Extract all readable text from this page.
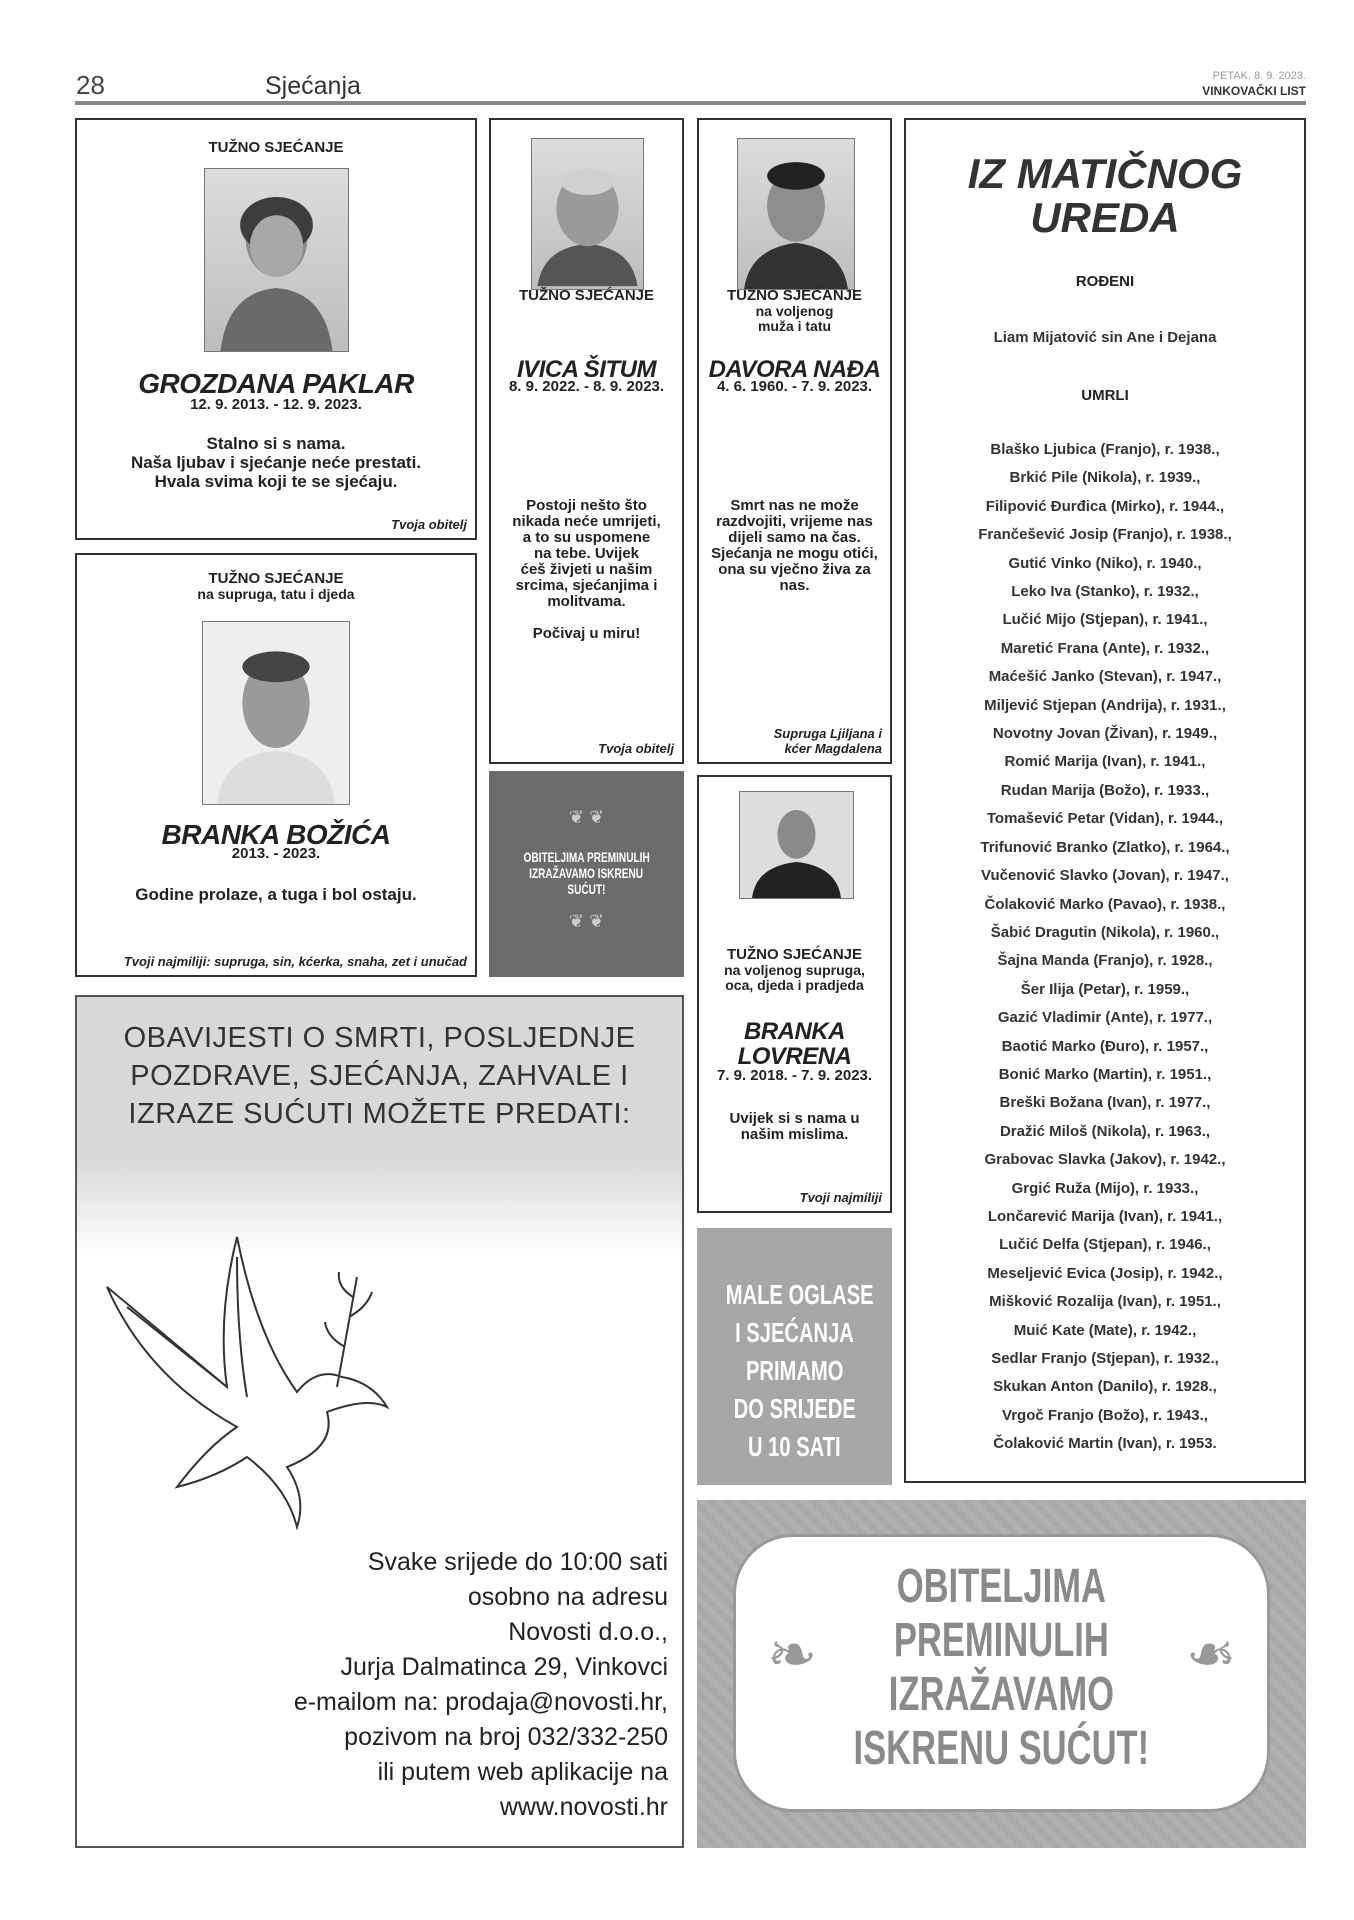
28	Sjećanja	PETAK, 8. 9. 2023.
VINKOVAČKI LIST
TUŽNO SJEĆANJE
GROZDANA PAKLAR
12. 9. 2013. - 12. 9. 2023.
Stalno si s nama.
Naša ljubav i sjećanje neće prestati.
Hvala svima koji te se sjećaju.
Tvoja obitelj
TUŽNO SJEĆANJE
IVICA ŠITUM
8. 9. 2022. - 8. 9. 2023.
Postoji nešto što
nikada neće umrijeti,
a to su uspomene
na tebe. Uvijek
ćeš živjeti u našim
srcima, sjećanjima i
molitvama.
Počivaj u miru!
Tvoja obitelj
TUŽNO SJEĆANJE
na voljenog
muža i tatu
DAVORA NAĐA
4. 6. 1960. - 7. 9. 2023.
Smrt nas ne može
razdvojiti, vrijeme nas
dijeli samo na čas.
Sjećanja ne mogu otići,
ona su vječno živa za
nas.
Supruga Ljiljana i
kćer Magdalena
IZ MATIČNOG
UREDA
ROĐENI
Liam Mijatović sin Ane i Dejana
UMRLI
Blaško Ljubica (Franjo), r. 1938.,
Brkić Pile (Nikola), r. 1939.,
Filipović Đurđica (Mirko), r. 1944.,
Frančešević Josip (Franjo), r. 1938.,
Gutić Vinko (Niko), r. 1940.,
Leko Iva (Stanko), r. 1932.,
Lučić Mijo (Stjepan), r. 1941.,
Maretić Frana (Ante), r. 1932.,
Maćešić Janko (Stevan), r. 1947.,
Miljević Stjepan (Andrija), r. 1931.,
Novotny Jovan (Živan), r. 1949.,
Romić Marija (Ivan), r. 1941.,
Rudan Marija (Božo), r. 1933.,
Tomašević Petar (Vidan), r. 1944.,
Trifunović Branko (Zlatko), r. 1964.,
Vučenović Slavko (Jovan), r. 1947.,
Čolaković Marko (Pavao), r. 1938.,
Šabić Dragutin (Nikola), r. 1960.,
Šajna Manda (Franjo), r. 1928.,
Šer Ilija (Petar), r. 1959.,
Gazić Vladimir (Ante), r. 1977.,
Baotić Marko (Đuro), r. 1957.,
Bonić Marko (Martin), r. 1951.,
Breški Božana (Ivan), r. 1977.,
Dražić Miloš (Nikola), r. 1963.,
Grabovac Slavka (Jakov), r. 1942.,
Grgić Ruža (Mijo), r. 1933.,
Lončarević Marija (Ivan), r. 1941.,
Lučić Delfa (Stjepan), r. 1946.,
Meseljević Evica (Josip), r. 1942.,
Mišković Rozalija (Ivan), r. 1951.,
Muić Kate (Mate), r. 1942.,
Sedlar Franjo (Stjepan), r. 1932.,
Skukan Anton (Danilo), r. 1928.,
Vrgoč Franjo (Božo), r. 1943.,
Čolaković Martin (Ivan), r. 1953.
TUŽNO SJEĆANJE
na supruga, tatu i djeda
BRANKA BOŽIĆA
2013. - 2023.
Godine prolaze, a tuga i bol ostaju.
Tvoji najmiliji: supruga, sin, kćerka, snaha, zet i unučad
❦ ❦
OBITELJIMA PREMINULIH
IZRAŽAVAMO ISKRENU
SUĆUT!
❦ ❦
TUŽNO SJEĆANJE
na voljenog supruga,
oca, djeda i pradjeda
BRANKA
LOVRENA
7. 9. 2018. - 7. 9. 2023.
Uvijek si s nama u
našim mislima.
Tvoji najmiliji
OBAVIJESTI O SMRTI, POSLJEDNJE
POZDRAVE, SJEĆANJA, ZAHVALE I
IZRAZE SUĆUTI MOŽETE PREDATI:
Svake srijede do 10:00 sati
osobno na adresu
Novosti d.o.o.,
Jurja Dalmatinca 29, Vinkovci
e-mailom na: prodaja@novosti.hr,
pozivom na broj 032/332-250
ili putem web aplikacije na
www.novosti.hr
MALE OGLASE
I SJEĆANJA
PRIMAMO
DO SRIJEDE
U 10 SATI
❧	❧
OBITELJIMA
PREMINULIH
IZRAŽAVAMO
ISKRENU SUĆUT!
